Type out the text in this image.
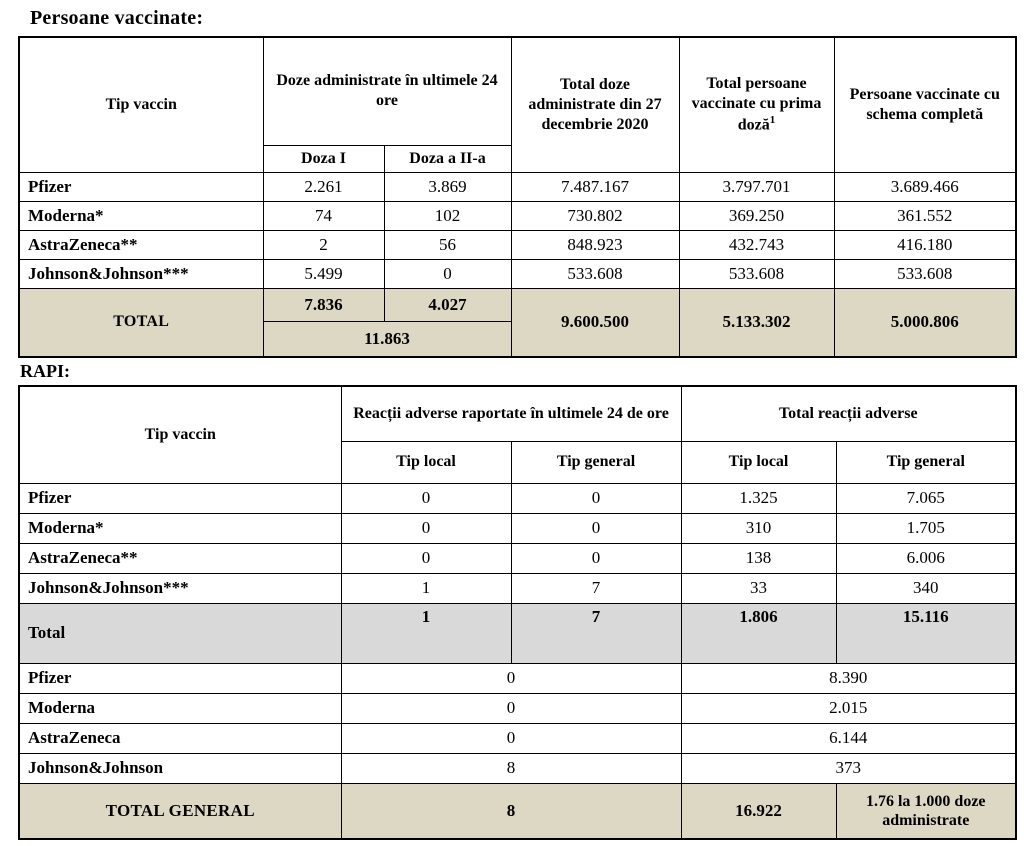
Persoane vaccinate:
Tip vaccin	Doze administrate în ultimele 24 ore		Total doze administrate din 27 decembrie 2020	Total persoane vaccinate cu prima doză$^1$	Persoane vaccinate cu schema completă
	Doza I	Doza a II-a			
Pfizer	2.261	3.869	7.487.167	3.797.701	3.689.466
Moderna*	74	102	730.802	369.250	361.552
AstraZeneca**	2	56	848.923	432.743	416.180
Johnson&Johnson***	5.499	0	533.608	533.608	533.608
TOTAL	7.836	4.027	9.600.500	5.133.302	5.000.806
	11.863				
RAPI:
Tip vaccin	Reacții adverse raportate în ultimele 24 de ore		Total reacții adverse	
	Tip local	Tip general	Tip local	Tip general
Pfizer	0	0	1.325	7.065
Moderna*	0	0	310	1.705
AstraZeneca**	0	0	138	6.006
Johnson&Johnson***	1	7	33	340
Total	1	7	1.806	15.116
Pfizer	0		8.390	
Moderna	0		2.015	
AstraZeneca	0		6.144	
Johnson&Johnson	8		373	
TOTAL GENERAL	8		16.922	1.76 la 1.000 doze administrate
